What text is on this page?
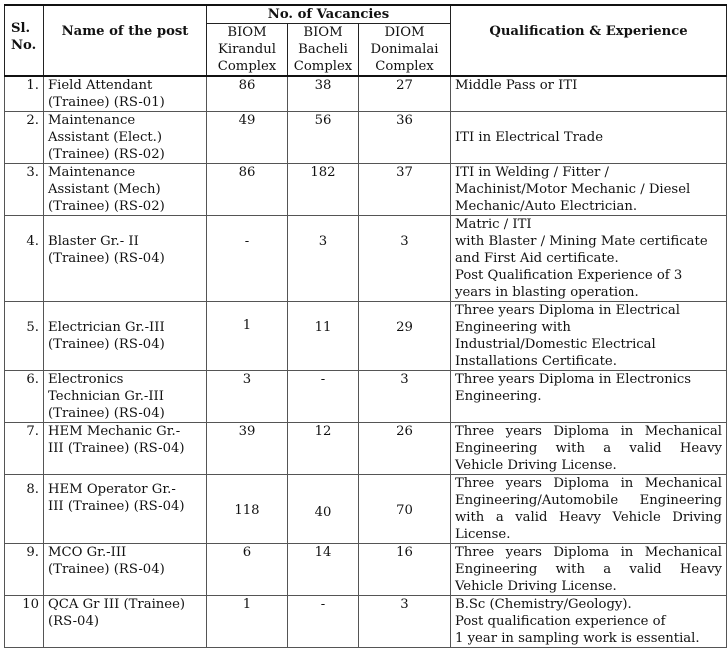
Sl.
No.	Name of the post	No. of Vacancies			Qualification & Experience

		BIOM
Kirandul
Complex	BIOM
Bacheli
Complex	DIOM
Donimalai
Complex	

1.	Field Attendant
(Trainee) (RS-01)	86	38	27	Middle Pass or ITI

2.	Maintenance
Assistant (Elect.)
(Trainee) (RS-02)	49	56	36	ITI in Electrical Trade

3.	Maintenance
Assistant (Mech)
(Trainee) (RS-02)	86	182	37	ITI in Welding / Fitter /
Machinist/Motor Mechanic / Diesel
Mechanic/Auto Electrician.

4.	Blaster Gr.- II
(Trainee) (RS-04)	-	3	3	Matric / ITI
with Blaster / Mining Mate certificate
and First Aid certificate.
Post Qualification Experience of 3
years in blasting operation.

5.	Electrician Gr.-III
(Trainee) (RS-04)	1	11	29	Three years Diploma in Electrical
Engineering with
Industrial/Domestic Electrical
Installations Certificate.

6.	Electronics
Technician Gr.-III
(Trainee) (RS-04)	3	-	3	Three years Diploma in Electronics
Engineering.

7.	HEM Mechanic Gr.-
III (Trainee) (RS-04)	39	12	26	Three years Diploma in Mechanical
Engineering with a valid Heavy
Vehicle Driving License.

8.	HEM Operator Gr.-
III (Trainee) (RS-04)	118	40	70	Three years Diploma in Mechanical
Engineering/Automobile Engineering
with a valid Heavy Vehicle Driving
License.

9.	MCO Gr.-III
(Trainee) (RS-04)	6	14	16	Three years Diploma in Mechanical
Engineering with a valid Heavy
Vehicle Driving License.

10	QCA Gr III (Trainee)
(RS-04)	1	-	3	B.Sc (Chemistry/Geology).
Post qualification experience of
1 year in sampling work is essential.
